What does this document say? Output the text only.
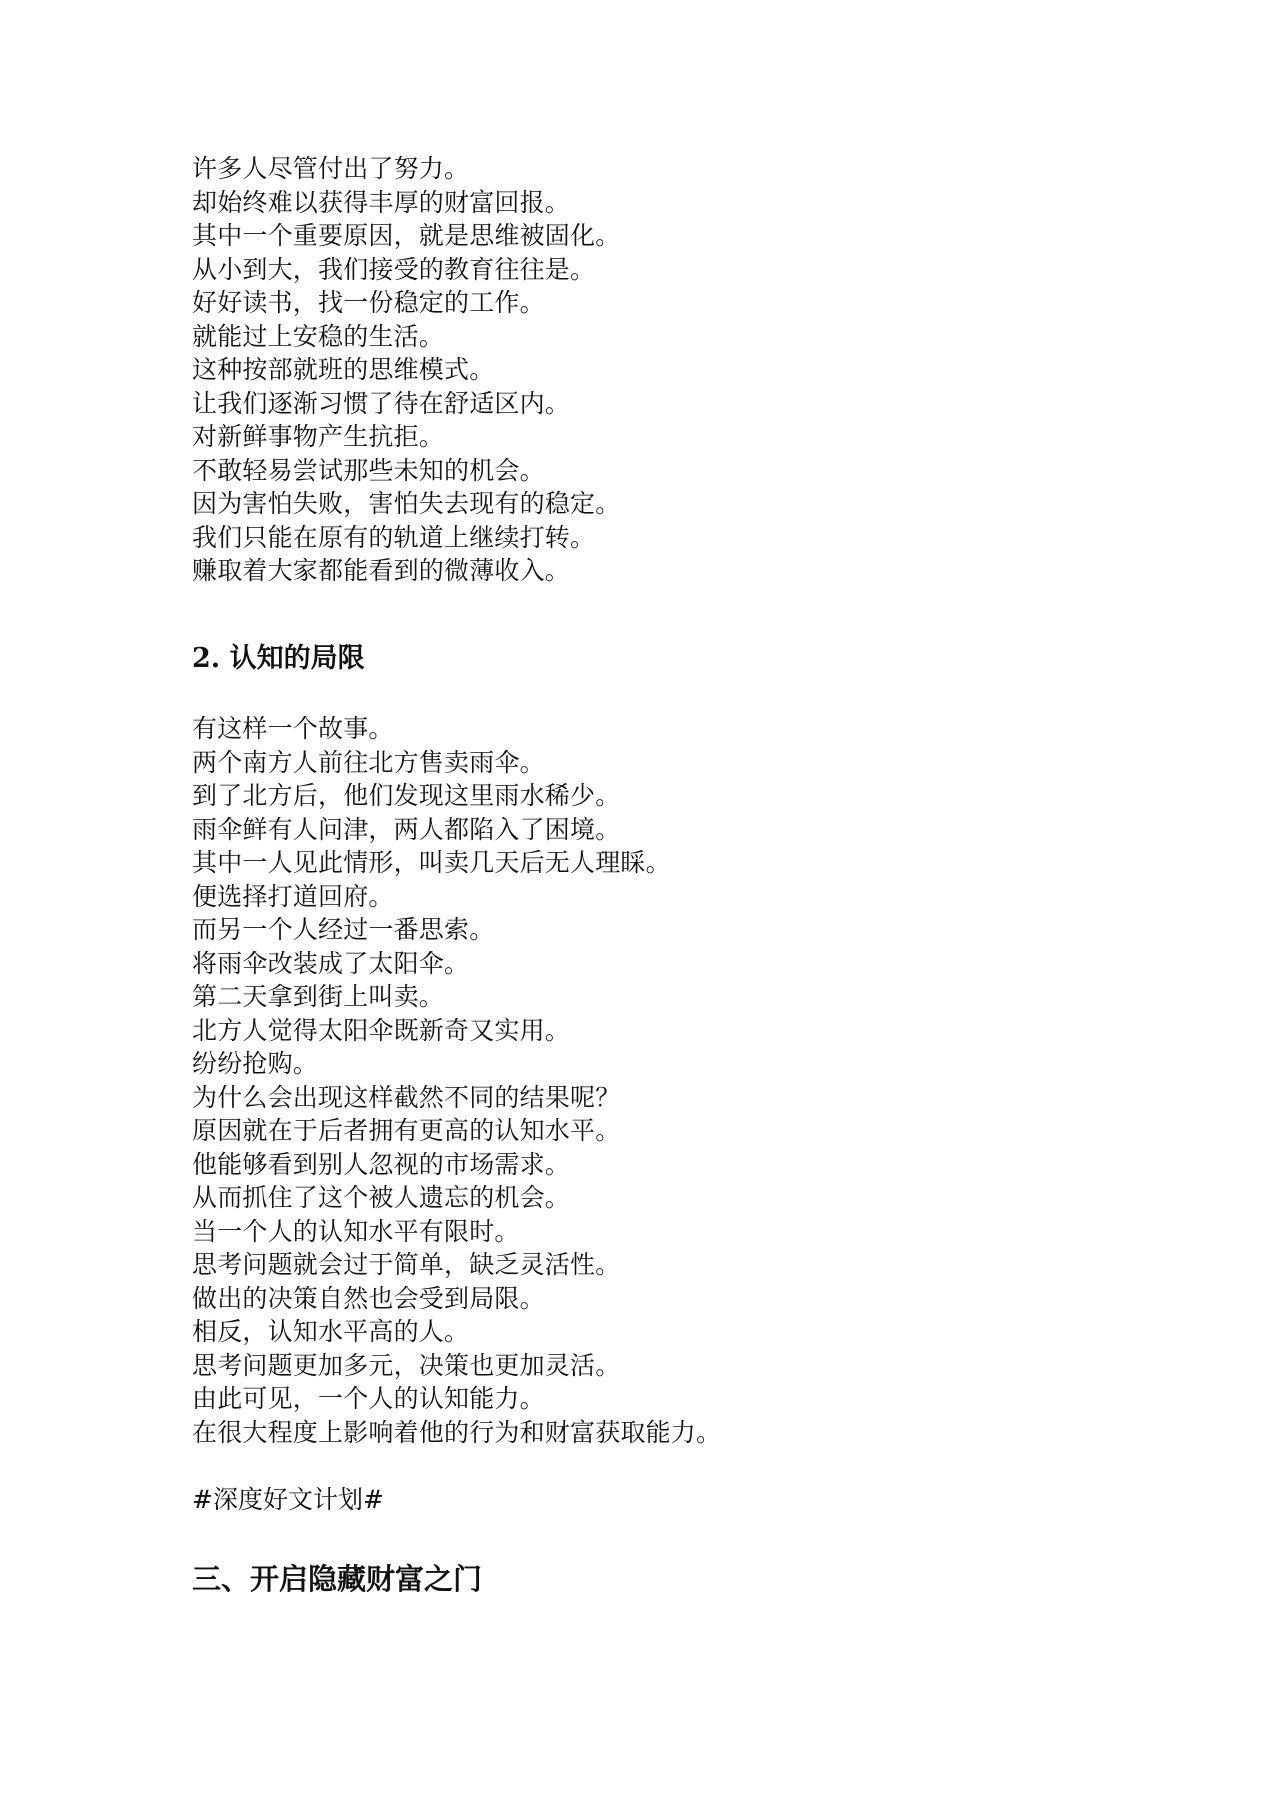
许多人尽管付出了努力。
却始终难以获得丰厚的财富回报。
其中一个重要原因，就是思维被固化。
从小到大，我们接受的教育往往是。
好好读书，找一份稳定的工作。
就能过上安稳的生活。
这种按部就班的思维模式。
让我们逐渐习惯了待在舒适区内。
对新鲜事物产生抗拒。
不敢轻易尝试那些未知的机会。
因为害怕失败，害怕失去现有的稳定。
我们只能在原有的轨道上继续打转。
赚取着大家都能看到的微薄收入。
2. 认知的局限
有这样一个故事。
两个南方人前往北方售卖雨伞。
到了北方后，他们发现这里雨水稀少。
雨伞鲜有人问津，两人都陷入了困境。
其中一人见此情形，叫卖几天后无人理睬。
便选择打道回府。
而另一个人经过一番思索。
将雨伞改装成了太阳伞。
第二天拿到街上叫卖。
北方人觉得太阳伞既新奇又实用。
纷纷抢购。
为什么会出现这样截然不同的结果呢？
原因就在于后者拥有更高的认知水平。
他能够看到别人忽视的市场需求。
从而抓住了这个被人遗忘的机会。
当一个人的认知水平有限时。
思考问题就会过于简单，缺乏灵活性。
做出的决策自然也会受到局限。
相反，认知水平高的人。
思考问题更加多元，决策也更加灵活。
由此可见，一个人的认知能力。
在很大程度上影响着他的行为和财富获取能力。
#深度好文计划#
三、开启隐藏财富之门
